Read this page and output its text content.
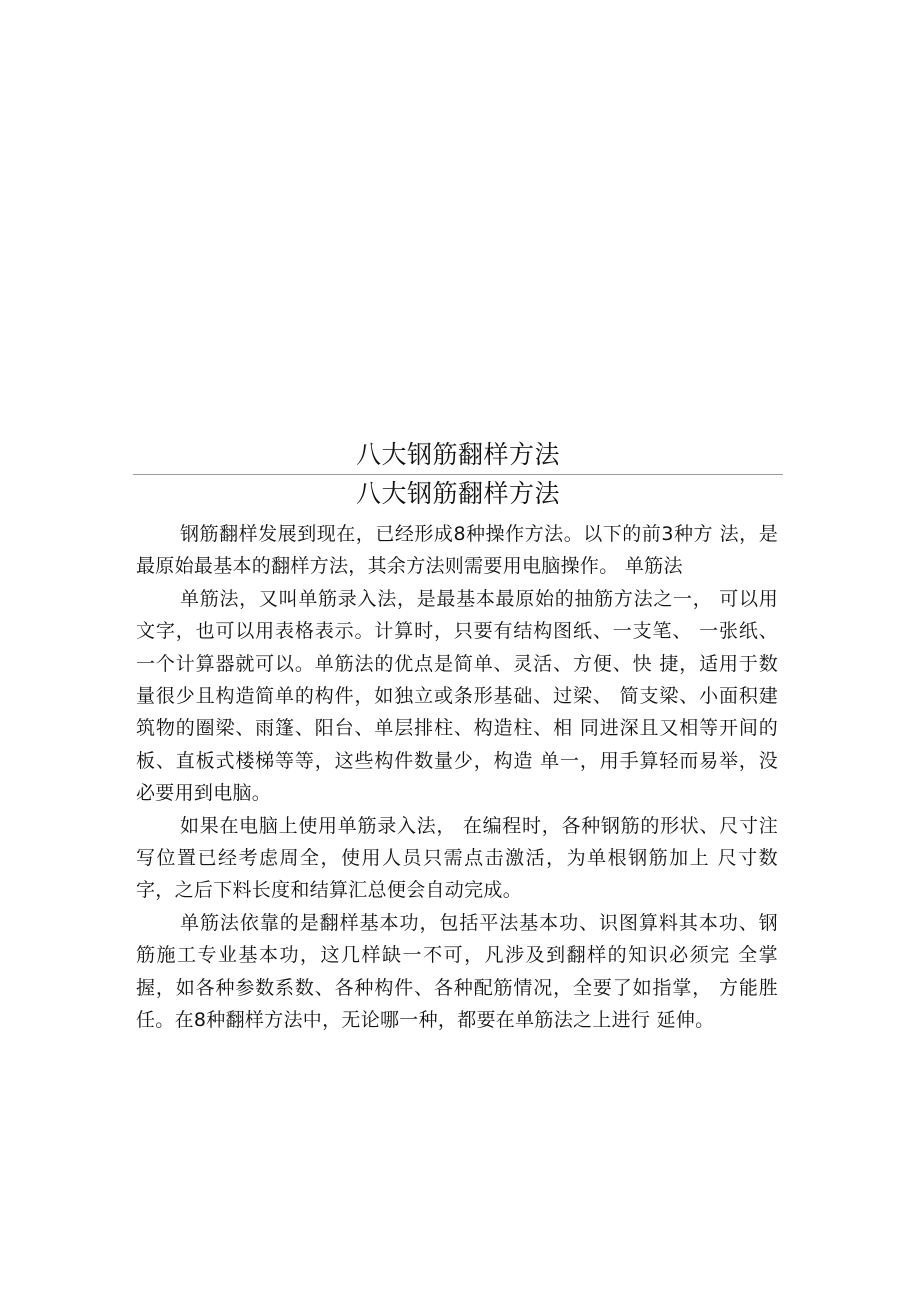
八大钢筋翻样方法
八大钢筋翻样方法

钢筋翻样发展到现在，已经形成8种操作方法。以下的前3种方 法，是最原始最基本的翻样方法，其余方法则需要用电脑操作。 单筋法

单筋法，又叫单筋录入法，是最基本最原始的抽筋方法之一， 可以用文字，也可以用表格表示。计算时，只要有结构图纸、一支笔、 一张纸、一个计算器就可以。单筋法的优点是简单、灵活、方便、快 捷，适用于数量很少且构造简单的构件，如独立或条形基础、过梁、 简支梁、小面积建筑物的圈梁、雨篷、阳台、单层排柱、构造柱、相 同进深且又相等开间的板、直板式楼梯等等，这些构件数量少，构造 单一，用手算轻而易举，没必要用到电脑。

如果在电脑上使用单筋录入法， 在编程时，各种钢筋的形状、尺寸注写位置已经考虑周全，使用人员只需点击激活，为单根钢筋加上 尺寸数字，之后下料长度和结算汇总便会自动完成。

单筋法依靠的是翻样基本功，包括平法基本功、识图算料其本功、钢筋施工专业基本功，这几样缺一不可，凡涉及到翻样的知识必须完 全掌握，如各种参数系数、各种构件、各种配筋情况，全要了如指掌， 方能胜任。在8种翻样方法中，无论哪一种，都要在单筋法之上进行 延伸。
